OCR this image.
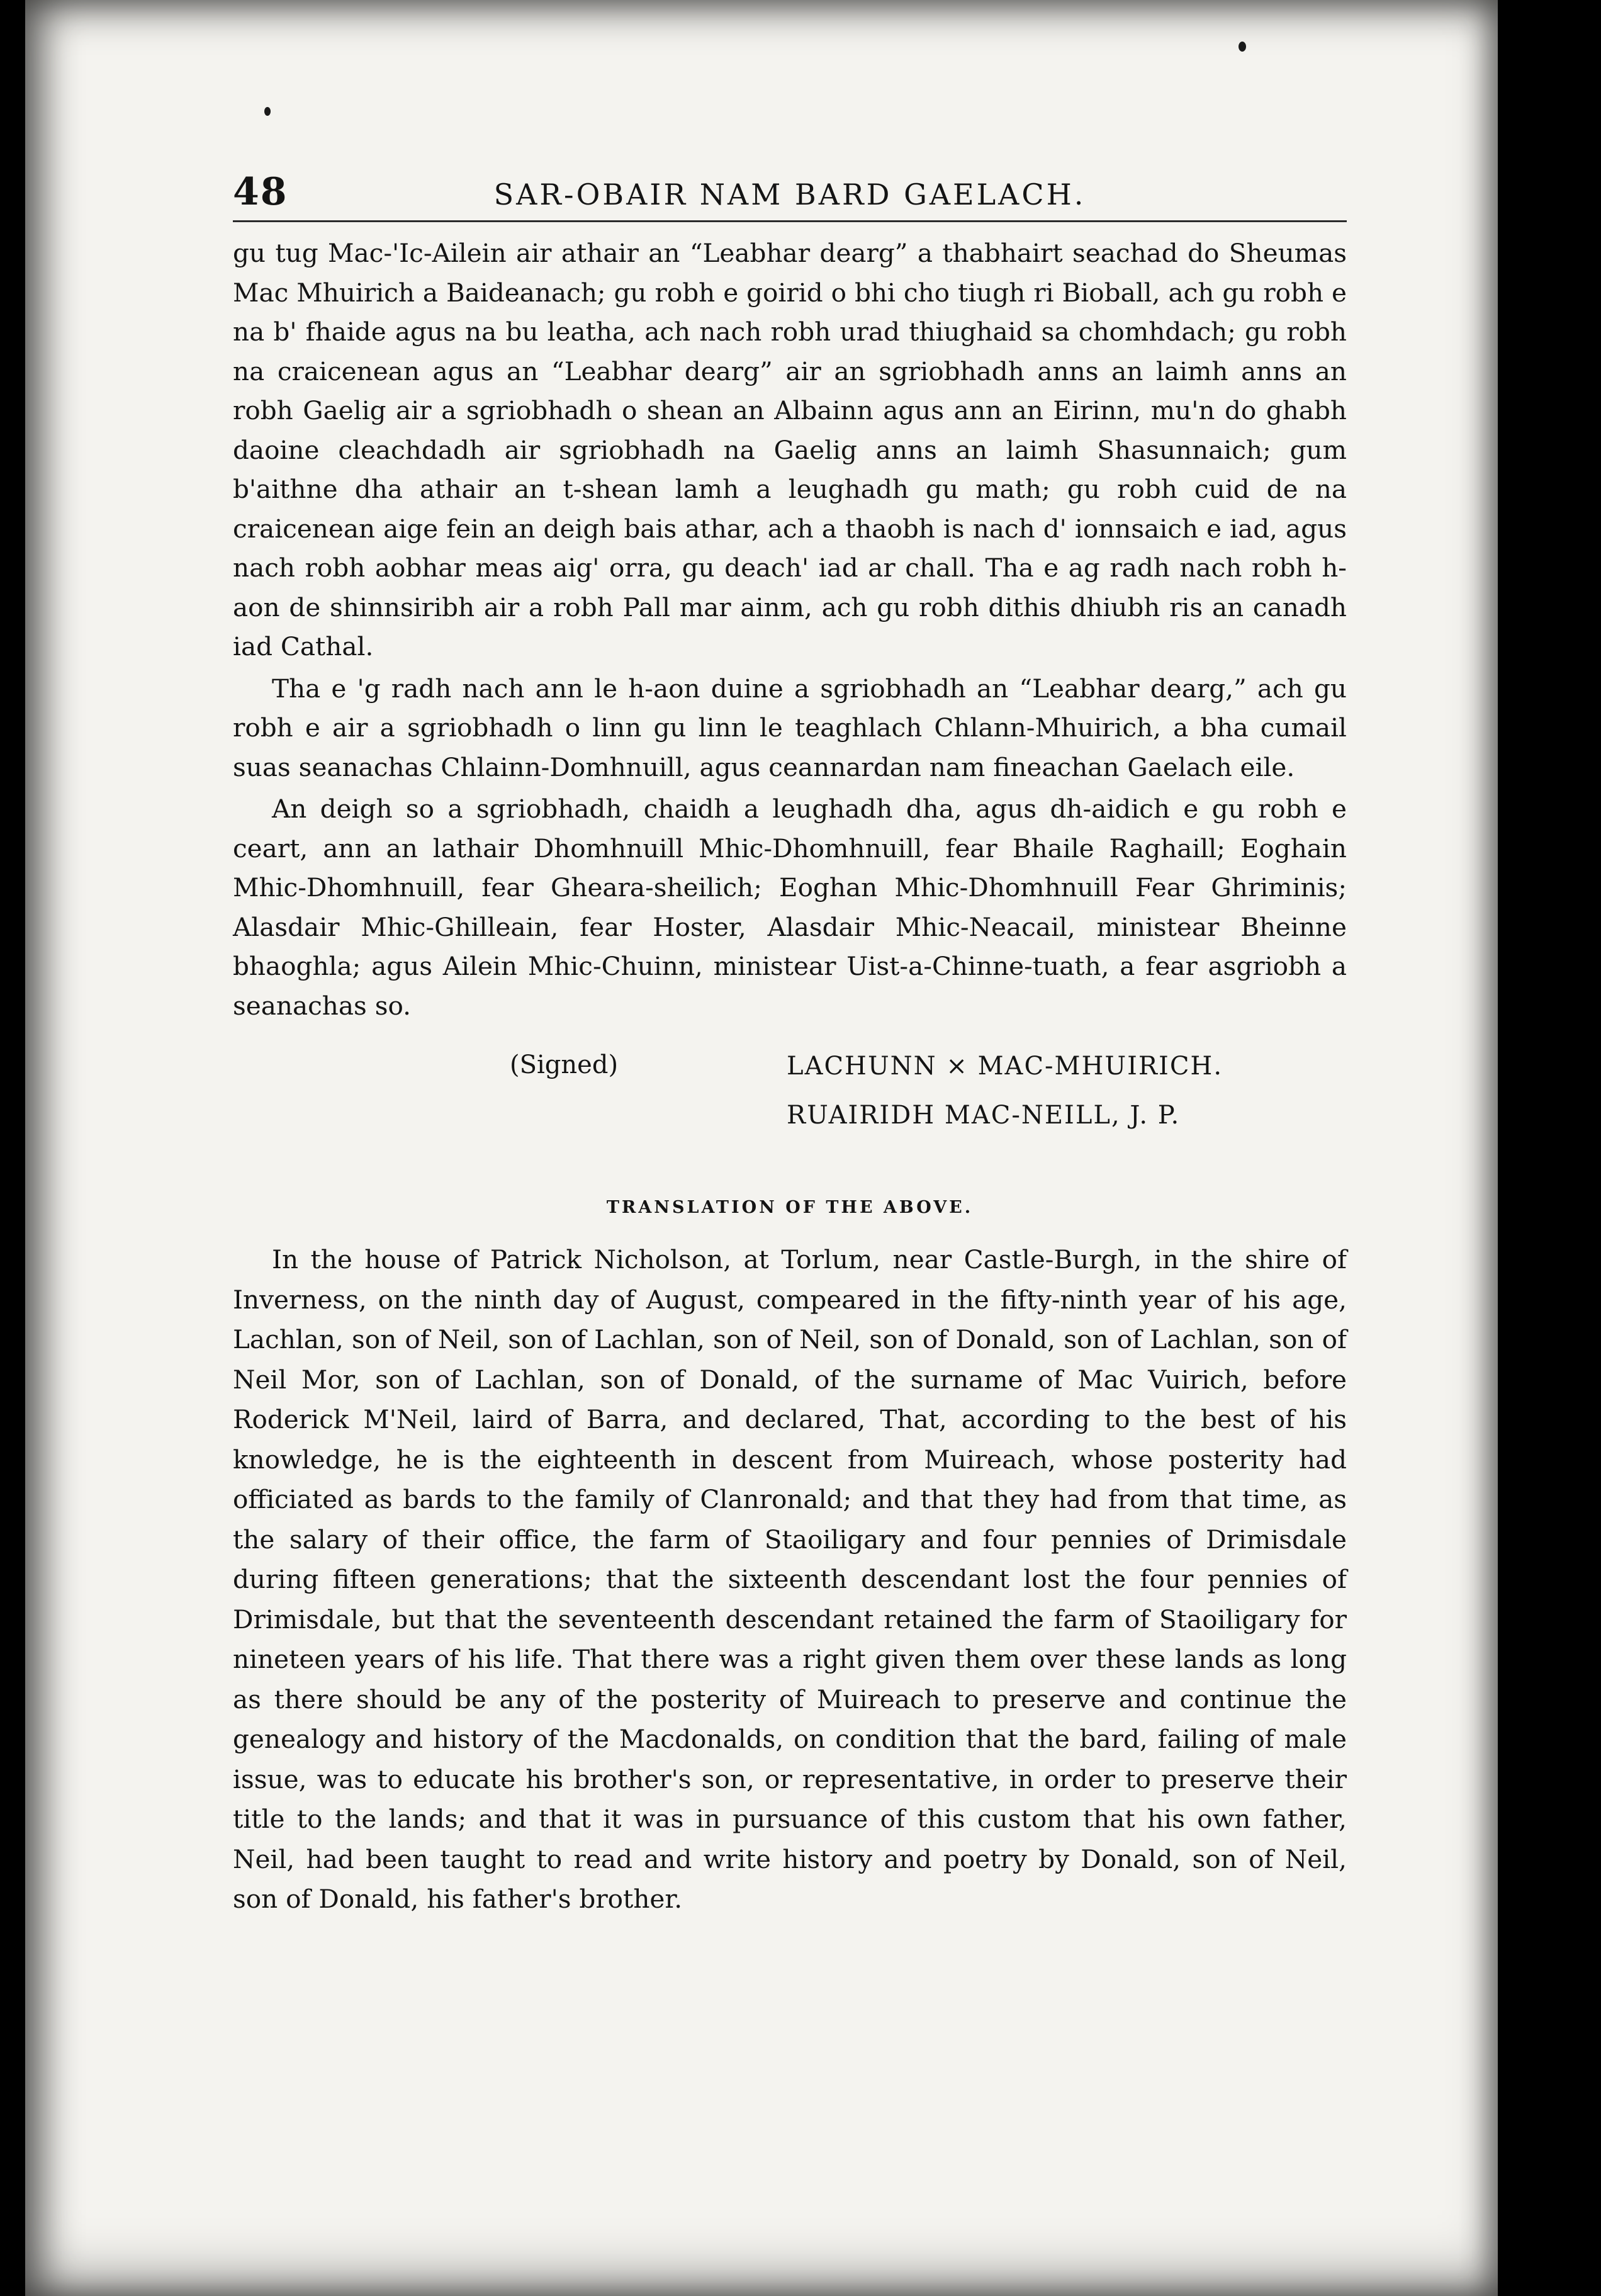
48	SAR-OBAIR NAM BARD GAELACH.

gu tug Mac-'Ic-Ailein air athair an “Leabhar dearg” a thabhairt seachad do Sheumas Mac Mhuirich a Baideanach; gu robh e goirid o bhi cho tiugh ri Bioball, ach gu robh e na b' fhaide agus na bu leatha, ach nach robh urad thiughaid sa chomhdach; gu robh na craicenean agus an “Leabhar dearg” air an sgriobhadh anns an laimh anns an robh Gaelig air a sgriobhadh o shean an Albainn agus ann an Eirinn, mu'n do ghabh daoine cleachdadh air sgriobhadh na Gaelig anns an laimh Shasunnaich; gum b'aithne dha athair an t-shean lamh a leughadh gu math; gu robh cuid de na craicenean aige fein an deigh bais athar, ach a thaobh is nach d' ionnsaich e iad, agus nach robh aobhar meas aig' orra, gu deach' iad ar chall. Tha e ag radh nach robh h-aon de shinnsiribh air a robh Pall mar ainm, ach gu robh dithis dhiubh ris an canadh iad Cathal.

Tha e 'g radh nach ann le h-aon duine a sgriobhadh an “Leabhar dearg,” ach gu robh e air a sgriobhadh o linn gu linn le teaghlach Chlann-Mhuirich, a bha cumail suas seanachas Chlainn-Domhnuill, agus ceannardan nam fineachan Gaelach eile.

An deigh so a sgriobhadh, chaidh a leughadh dha, agus dh-aidich e gu robh e ceart, ann an lathair Dhomhnuill Mhic-Dhomhnuill, fear Bhaile Raghaill; Eoghain Mhic-Dhomhnuill, fear Gheara-sheilich; Eoghan Mhic-Dhomhnuill Fear Ghriminis; Alasdair Mhic-Ghilleain, fear Hoster, Alasdair Mhic-Neacail, ministear Bheinne bhaoghla; agus Ailein Mhic-Chuinn, ministear Uist-a-Chinne-tuath, a fear asgriobh a seanachas so.

(Signed)	LACHUNN × MAC-MHUIRICH.
RUAIRIDH MAC-NEILL, J. P.
TRANSLATION OF THE ABOVE.

In the house of Patrick Nicholson, at Torlum, near Castle-Burgh, in the shire of Inverness, on the ninth day of August, compeared in the fifty-ninth year of his age, Lachlan, son of Neil, son of Lachlan, son of Neil, son of Donald, son of Lachlan, son of Neil Mor, son of Lachlan, son of Donald, of the surname of Mac Vuirich, before Roderick M'Neil, laird of Barra, and declared, That, according to the best of his knowledge, he is the eighteenth in descent from Muireach, whose posterity had officiated as bards to the family of Clanronald; and that they had from that time, as the salary of their office, the farm of Staoiligary and four pennies of Drimisdale during fifteen generations; that the sixteenth descendant lost the four pennies of Drimisdale, but that the seventeenth descendant retained the farm of Staoiligary for nineteen years of his life. That there was a right given them over these lands as long as there should be any of the posterity of Muireach to preserve and continue the genealogy and history of the Macdonalds, on condition that the bard, failing of male issue, was to educate his brother's son, or representative, in order to preserve their title to the lands; and that it was in pursuance of this custom that his own father, Neil, had been taught to read and write history and poetry by Donald, son of Neil, son of Donald, his father's brother.
